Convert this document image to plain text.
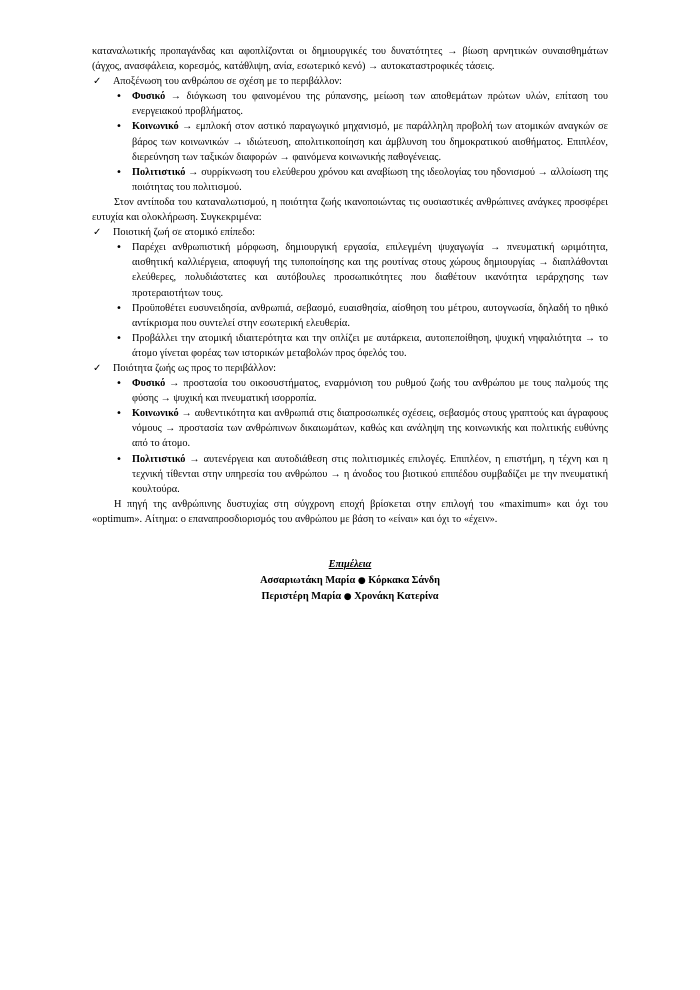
καταναλωτικής προπαγάνδας και αφοπλίζονται οι δημιουργικές του δυνατότητες → βίωση αρνητικών συναισθημάτων (άγχος, ανασφάλεια, κορεσμός, κατάθλιψη, ανία, εσωτερικό κενό) → αυτοκαταστροφικές τάσεις.

✓ Αποξένωση του ανθρώπου σε σχέση με το περιβάλλον:
• Φυσικό → διόγκωση του φαινομένου της ρύπανσης, μείωση των αποθεμάτων πρώτων υλών, επίταση του ενεργειακού προβλήματος.
• Κοινωνικό → εμπλοκή στον αστικό παραγωγικό μηχανισμό, με παράλληλη προβολή των ατομικών αναγκών σε βάρος των κοινωνικών → ιδιώτευση, απολιτικοποίηση και άμβλυνση του δημοκρατικού αισθήματος. Επιπλέον, διερεύνηση των ταξικών διαφορών → φαινόμενα κοινωνικής παθογένειας.
• Πολιτιστικό → συρρίκνωση του ελεύθερου χρόνου και αναβίωση της ιδεολογίας του ηδονισμού → αλλοίωση της ποιότητας του πολιτισμού.

Στον αντίποδα του καταναλωτισμού, η ποιότητα ζωής ικανοποιώντας τις ουσιαστικές ανθρώπινες ανάγκες προσφέρει ευτυχία και ολοκλήρωση. Συγκεκριμένα:

✓ Ποιοτική ζωή σε ατομικό επίπεδο:
• Παρέχει ανθρωπιστική μόρφωση, δημιουργική εργασία, επιλεγμένη ψυχαγωγία → πνευματική ωριμότητα, αισθητική καλλιέργεια, αποφυγή της τυποποίησης και της ρουτίνας στους χώρους δημιουργίας → διαπλάθονται ελεύθερες, πολυδιάστατες και αυτόβουλες προσωπικότητες που διαθέτουν ικανότητα ιεράρχησης των προτεραιοτήτων τους.
• Προϋποθέτει ευσυνειδησία, ανθρωπιά, σεβασμό, ευαισθησία, αίσθηση του μέτρου, αυτογνωσία, δηλαδή το ηθικό αντίκρισμα που συντελεί στην εσωτερική ελευθερία.
• Προβάλλει την ατομική ιδιαιτερότητα και την οπλίζει με αυτάρκεια, αυτοπεποίθηση, ψυχική νηφαλιότητα → το άτομο γίνεται φορέας των ιστορικών μεταβολών προς όφελός του.
✓ Ποιότητα ζωής ως προς το περιβάλλον:
• Φυσικό → προστασία του οικοσυστήματος, εναρμόνιση του ρυθμού ζωής του ανθρώπου με τους παλμούς της φύσης → ψυχική και πνευματική ισορροπία.
• Κοινωνικό → αυθεντικότητα και ανθρωπιά στις διαπροσωπικές σχέσεις, σεβασμός στους γραπτούς και άγραφους νόμους → προστασία των ανθρώπινων δικαιωμάτων, καθώς και ανάληψη της κοινωνικής και πολιτικής ευθύνης από το άτομο.
• Πολιτιστικό → αυτενέργεια και αυτοδιάθεση στις πολιτισμικές επιλογές. Επιπλέον, η επιστήμη, η τέχνη και η τεχνική τίθενται στην υπηρεσία του ανθρώπου → η άνοδος του βιοτικού επιπέδου συμβαδίζει με την πνευματική κουλτούρα.

Η πηγή της ανθρώπινης δυστυχίας στη σύγχρονη εποχή βρίσκεται στην επιλογή του «maximum» και όχι του «optimum». Αίτημα: ο επαναπροσδιορισμός του ανθρώπου με βάση το «είναι» και όχι το «έχειν».

Επιμέλεια
Ασσαριωτάκη Μαρία ● Κόρκακα Σάνδη
Περιστέρη Μαρία ● Χρονάκη Κατερίνα
